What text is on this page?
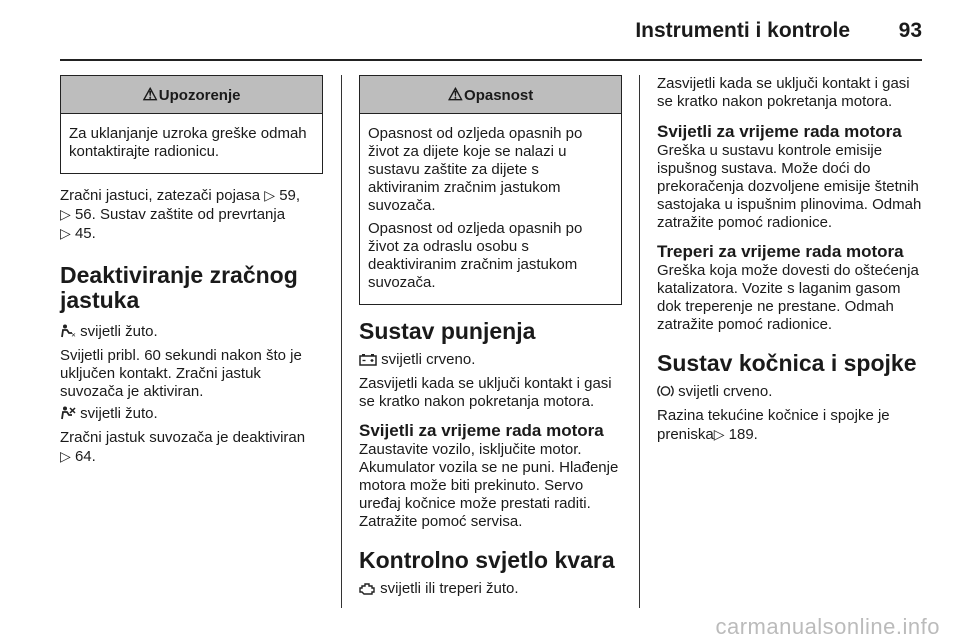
Instrumenti i kontrole	93
⚠Upozorenje

Za uklanjanje uzroka greške odmah kontaktirajte radionicu.

Zračni jastuci, zatezači pojasa ▷ 59,
▷ 56. Sustav zaštite od prevrtanja
▷ 45.

Deaktiviranje zračnog
jastuka

✕ svijetli žuto.

Svijetli pribl. 60 sekundi nakon što je uključen kontakt. Zračni jastuk suvozača je aktiviran.

svijetli žuto.

Zračni jastuk suvozača je deaktiviran
▷ 64.

⚠Opasnost

Opasnost od ozljeda opasnih po život za dijete koje se nalazi u sustavu zaštite za dijete s aktiviranim zračnim jastukom suvozača.

Opasnost od ozljeda opasnih po život za odraslu osobu s deaktiviranim zračnim jastukom suvozača.

Sustav punjenja

svijetli crveno.

Zasvijetli kada se uključi kontakt i gasi se kratko nakon pokretanja motora.

Svijetli za vrijeme rada motora

Zaustavite vozilo, isključite motor. Akumulator vozila se ne puni. Hlađenje motora može biti prekinuto. Servo uređaj kočnice može prestati raditi. Zatražite pomoć servisa.

Kontrolno svjetlo kvara

svijetli ili treperi žuto.

Zasvijetli kada se uključi kontakt i gasi se kratko nakon pokretanja motora.

Svijetli za vrijeme rada motora

Greška u sustavu kontrole emisije ispušnog sustava. Može doći do prekoračenja dozvoljene emisije štetnih sastojaka u ispušnim plinovima. Odmah zatražite pomoć radionice.

Treperi za vrijeme rada motora

Greška koja može dovesti do oštećenja katalizatora. Vozite s laganim gasom dok treperenje ne prestane. Odmah zatražite pomoć radionice.

Sustav kočnica i spojke

svijetli crveno.

Razina tekućine kočnice i spojke je preniska▷ 189.

carmanualsonline.info
